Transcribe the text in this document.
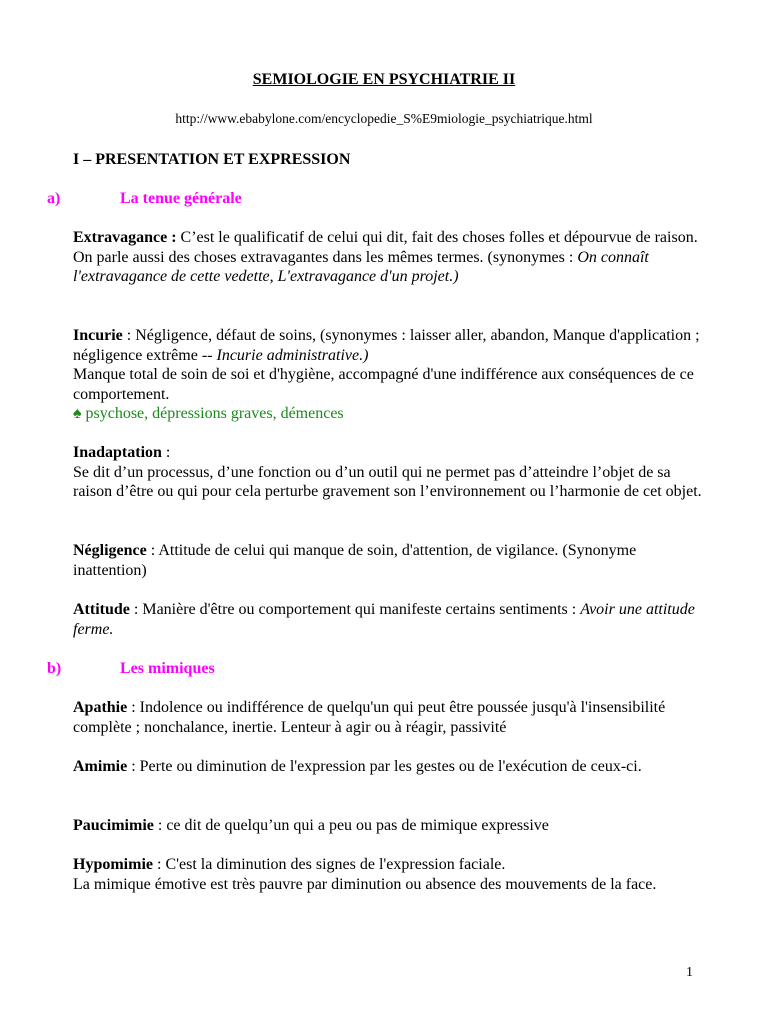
SEMIOLOGIE EN PSYCHIATRIE II
http://www.ebabylone.com/encyclopedie_S%E9miologie_psychiatrique.html
I – PRESENTATION ET EXPRESSION
a)	La tenue générale
Extravagance : C’est le qualificatif de celui qui dit, fait des choses folles et dépourvue de raison. On parle aussi des choses extravagantes dans les mêmes termes. (synonymes : On connaît l'extravagance de cette vedette, L'extravagance d'un projet.)
Incurie : Négligence, défaut de soins, (synonymes : laisser aller, abandon, Manque d'application ; négligence extrême -- Incurie administrative.)
Manque total de soin de soi et d'hygiène, accompagné d'une indifférence aux conséquences de ce comportement.
♠ psychose, dépressions graves, démences
Inadaptation :
Se dit d’un processus, d’une fonction ou d’un outil qui ne permet pas d’atteindre l’objet de sa raison d’être ou qui pour cela perturbe gravement son l’environnement ou l’harmonie de cet objet.
Négligence : Attitude de celui qui manque de soin, d'attention, de vigilance. (Synonyme inattention)
Attitude : Manière d'être ou comportement qui manifeste certains sentiments : Avoir une attitude ferme.
b)	Les mimiques
Apathie : Indolence ou indifférence de quelqu'un qui peut être poussée jusqu'à l'insensibilité complète ; nonchalance, inertie. Lenteur à agir ou à réagir, passivité
Amimie : Perte ou diminution de l'expression par les gestes ou de l'exécution de ceux-ci.
Paucimimie : ce dit de quelqu’un qui a peu ou pas de mimique expressive
Hypomimie : C'est la diminution des signes de l'expression faciale.
La mimique émotive est très pauvre par diminution ou absence des mouvements de la face.
1
